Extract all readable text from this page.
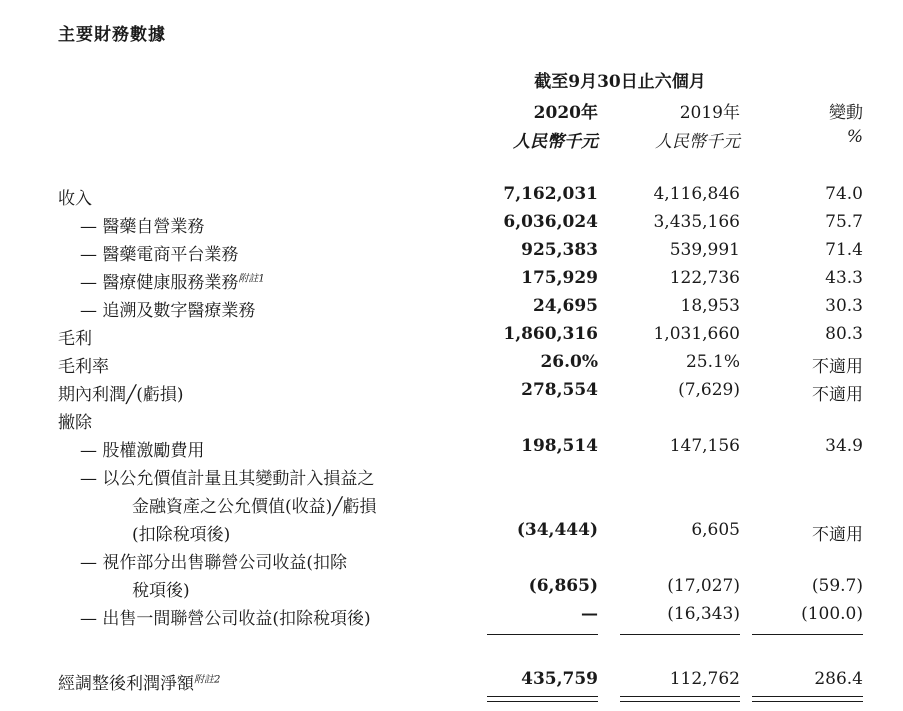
主要財務數據
截至9月30日止六個月
2020年	2019年	變動
人民幣千元	人民幣千元	%
收入	7,162,031	4,116,846	74.0
— 醫藥自營業務	6,036,024	3,435,166	75.7
— 醫藥電商平台業務	925,383	539,991	71.4
— 醫療健康服務業務$^{附註1}$	175,929	122,736	43.3
— 追溯及數字醫療業務	24,695	18,953	30.3
毛利	1,860,316	1,031,660	80.3
毛利率	26.0%	25.1%	不適用
期內利潤╱(虧損)	278,554	(7,629)	不適用
撇除
— 股權激勵費用	198,514	147,156	34.9
— 以公允價值計量且其變動計入損益之
金融資產之公允價值(收益)╱虧損
(扣除稅項後)	(34,444)	6,605	不適用
— 視作部分出售聯營公司收益(扣除
稅項後)	(6,865)	(17,027)	(59.7)
— 出售一間聯營公司收益(扣除稅項後)	—	(16,343)	(100.0)
經調整後利潤淨額$^{附註2}$	435,759	112,762	286.4
